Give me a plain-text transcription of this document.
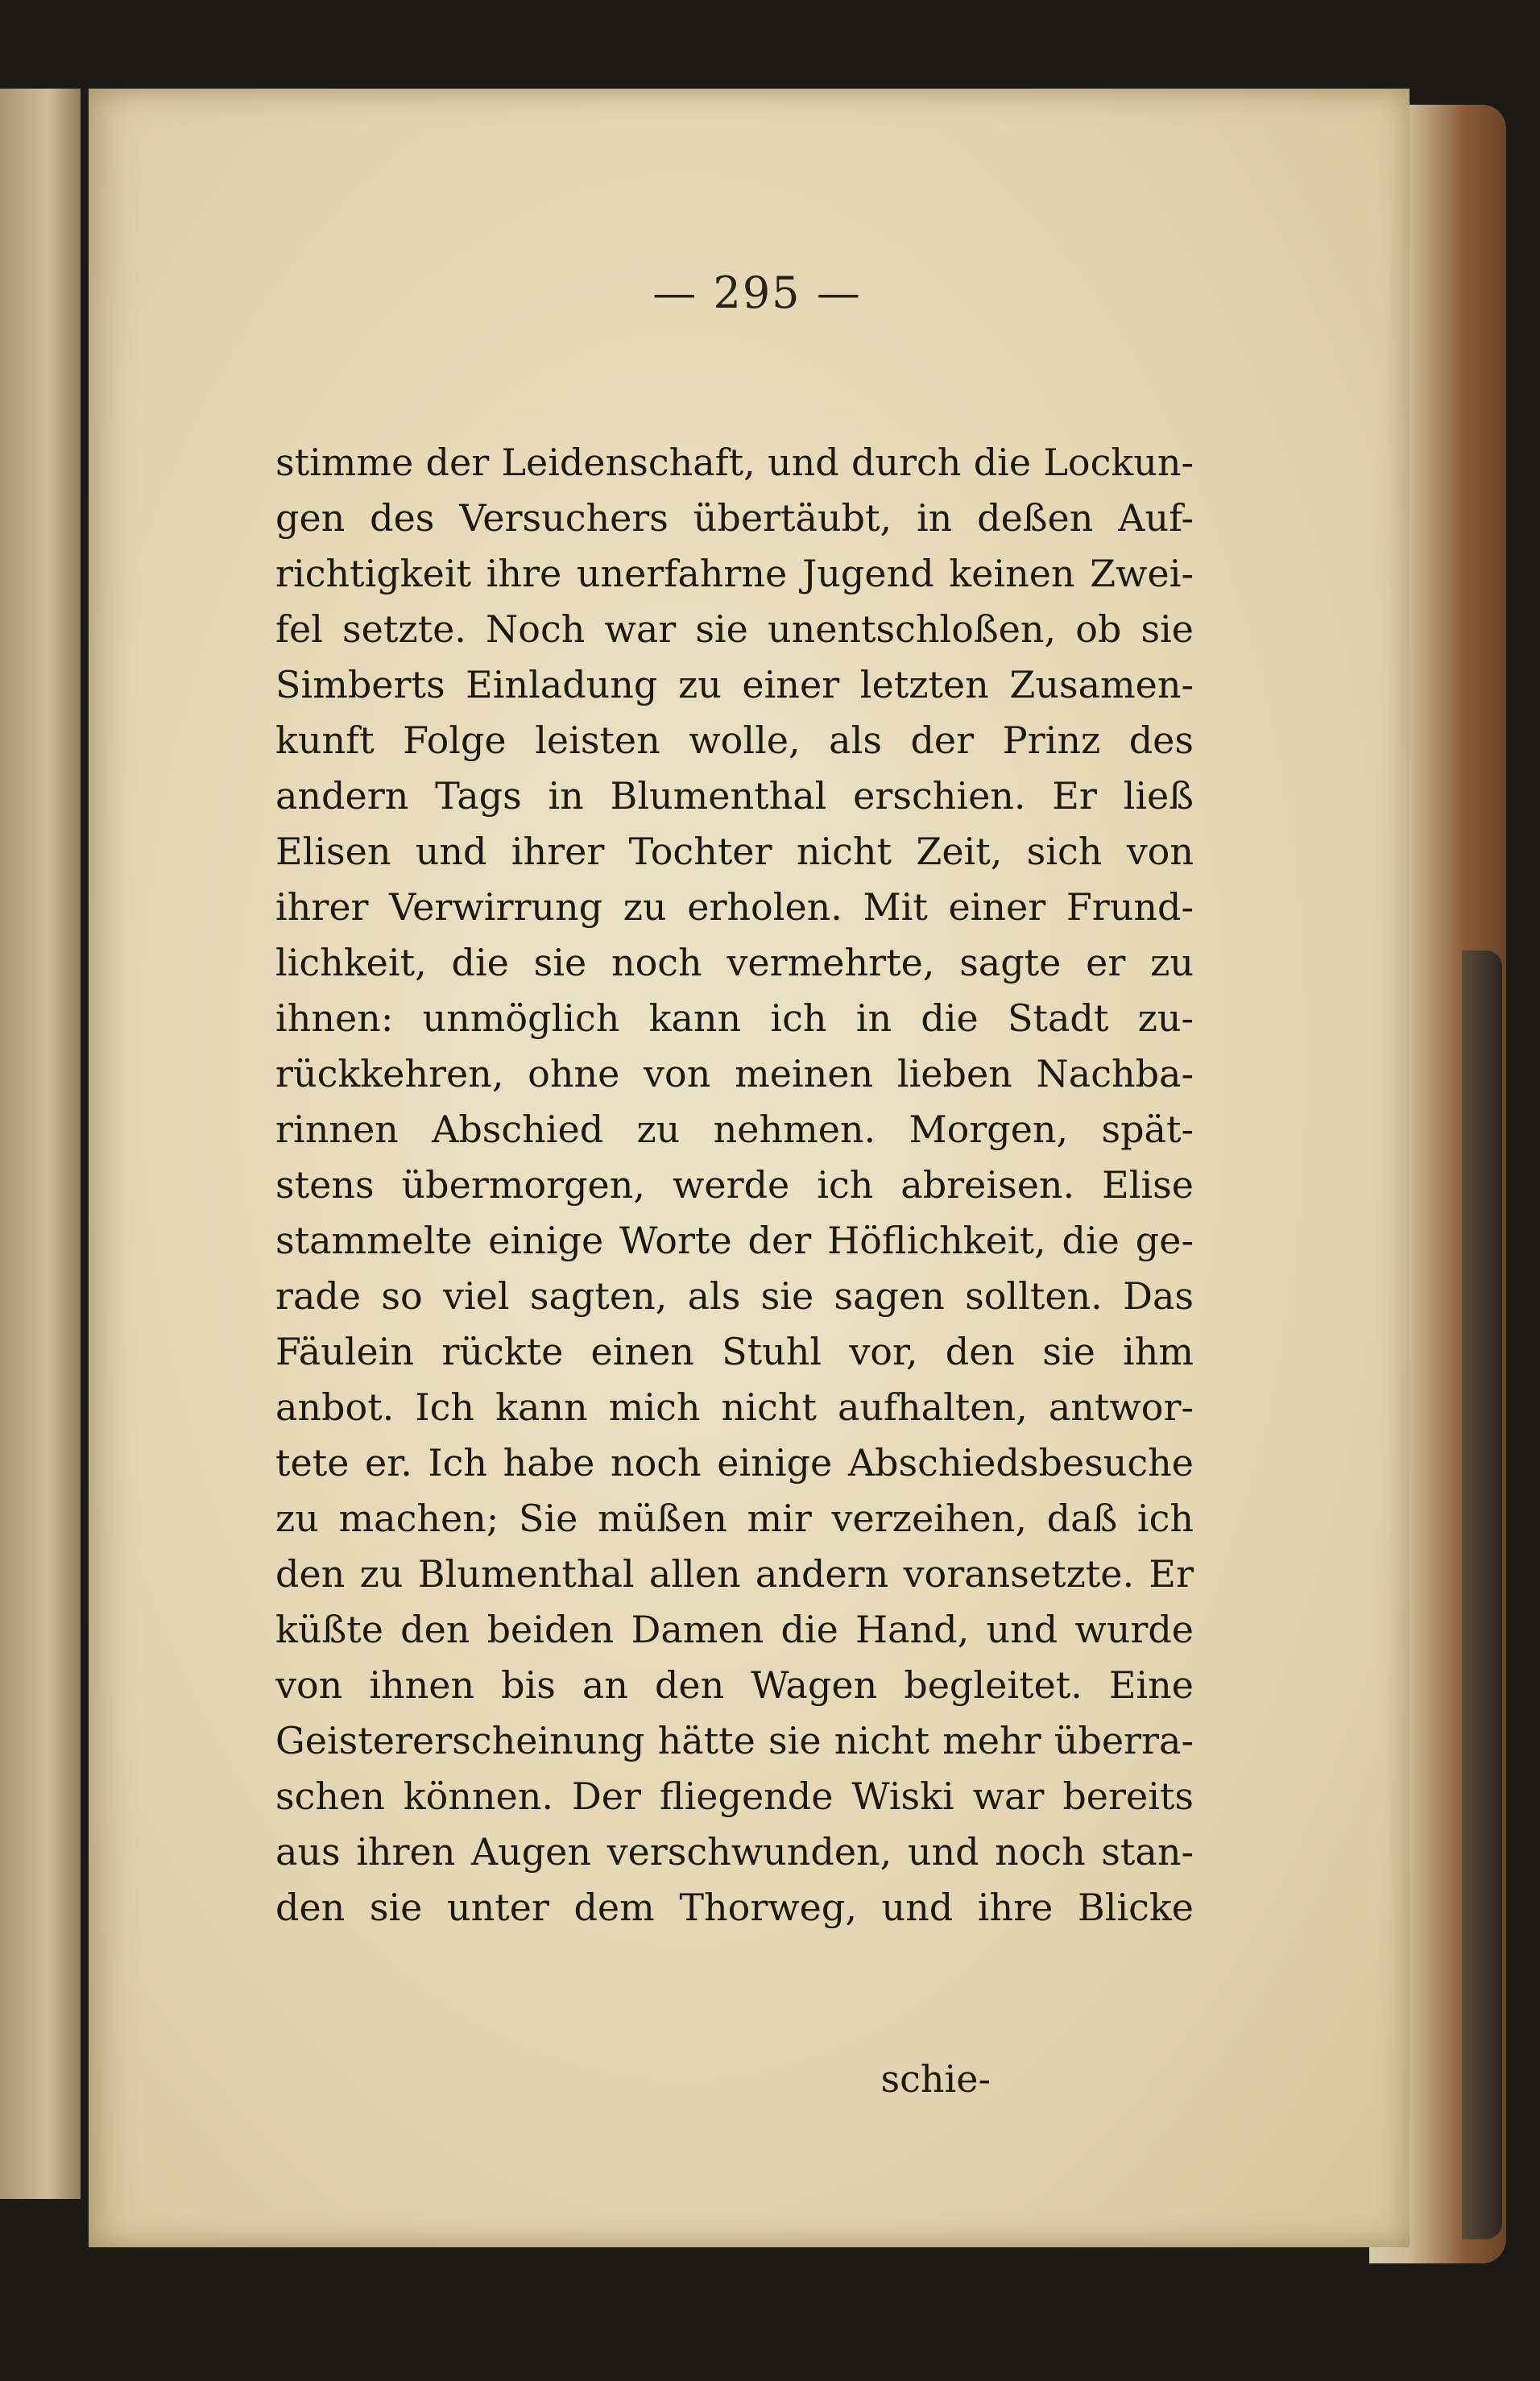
— 295 —
stimme der Leidenschaft, und durch die Lockun-
gen des Versuchers übertäubt, in deßen Auf-
richtigkeit ihre unerfahrne Jugend keinen Zwei-
fel setzte. Noch war sie unentschloßen, ob sie
Simberts Einladung zu einer letzten Zusamen-
kunft Folge leisten wolle, als der Prinz des
andern Tags in Blumenthal erschien. Er ließ
Elisen und ihrer Tochter nicht Zeit, sich von
ihrer Verwirrung zu erholen. Mit einer Frund-
lichkeit, die sie noch vermehrte, sagte er zu
ihnen: unmöglich kann ich in die Stadt zu-
rückkehren, ohne von meinen lieben Nachba-
rinnen Abschied zu nehmen. Morgen, spät-
stens übermorgen, werde ich abreisen. Elise
stammelte einige Worte der Höflichkeit, die ge-
rade so viel sagten, als sie sagen sollten. Das
Fäulein rückte einen Stuhl vor, den sie ihm
anbot. Ich kann mich nicht aufhalten, antwor-
tete er. Ich habe noch einige Abschiedsbesuche
zu machen; Sie müßen mir verzeihen, daß ich
den zu Blumenthal allen andern voransetzte. Er
küßte den beiden Damen die Hand, und wurde
von ihnen bis an den Wagen begleitet. Eine
Geistererscheinung hätte sie nicht mehr überra-
schen können. Der fliegende Wiski war bereits
aus ihren Augen verschwunden, und noch stan-
den sie unter dem Thorweg, und ihre Blicke
schie-
